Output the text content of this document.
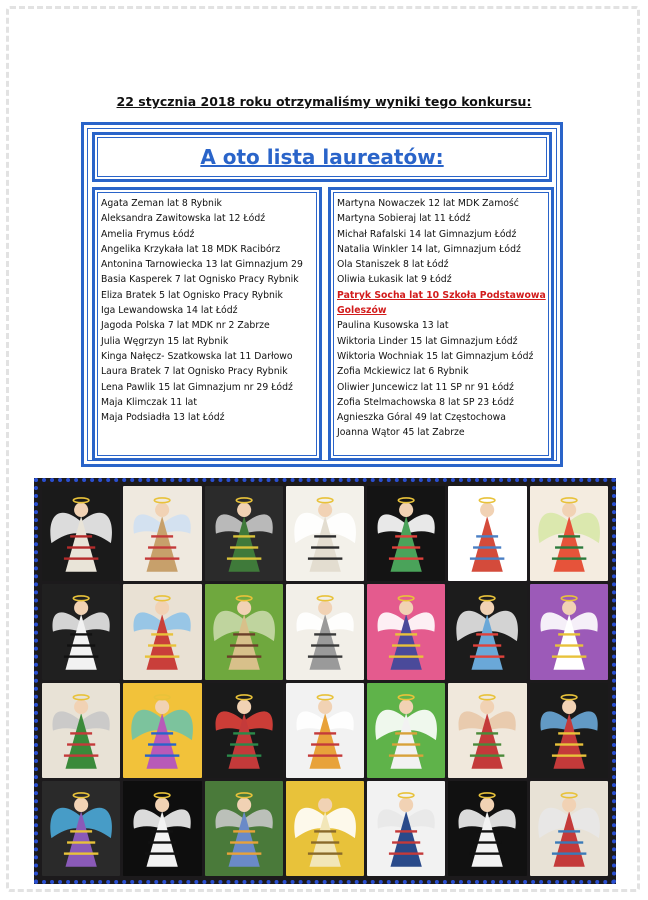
22 stycznia 2018 roku otrzymaliśmy wyniki tego konkursu:
A oto lista laureatów:
Agata Zeman lat 8 Rybnik
Aleksandra Zawitowska lat 12 Łódź
Amelia Frymus Łódź
Angelika Krzykała lat 18 MDK Racibórz
Antonina Tarnowiecka 13 lat Gimnazjum 29
Basia Kasperek 7 lat Ognisko Pracy Rybnik
Eliza Bratek 5 lat Ognisko Pracy Rybnik
Iga Lewandowska 14 lat Łódź
Jagoda Polska 7 lat MDK nr 2 Zabrze
Julia Węgrzyn 15 lat Rybnik
Kinga Nałęcz- Szatkowska lat 11 Darłowo
Laura Bratek 7 lat Ognisko Pracy Rybnik
Lena Pawlik 15 lat Gimnazjum nr 29 Łódź
Maja Klimczak 11 lat
Maja Podsiadła 13 lat Łódź
Martyna Nowaczek 12 lat MDK Zamość
Martyna Sobieraj lat 11 Łódź
Michał Rafalski 14 lat Gimnazjum Łódź
Natalia Winkler 14 lat, Gimnazjum Łódź
Ola Staniszek 8 lat Łódź
Oliwia Łukasik lat 9 Łódź
Patryk Socha lat 10 Szkoła Podstawowa Goleszów
Paulina Kusowska 13 lat
Wiktoria Linder 15 lat Gimnazjum Łódź
Wiktoria Wochniak 15 lat Gimnazjum Łódź
Zofia Mckiewicz lat 6 Rybnik
Oliwier Juncewicz lat 11 SP nr 91 Łódź
Zofia Stelmachowska 8 lat SP 23 Łódź
Agnieszka Góral 49 lat Częstochowa
Joanna Wątor 45 lat Zabrze
